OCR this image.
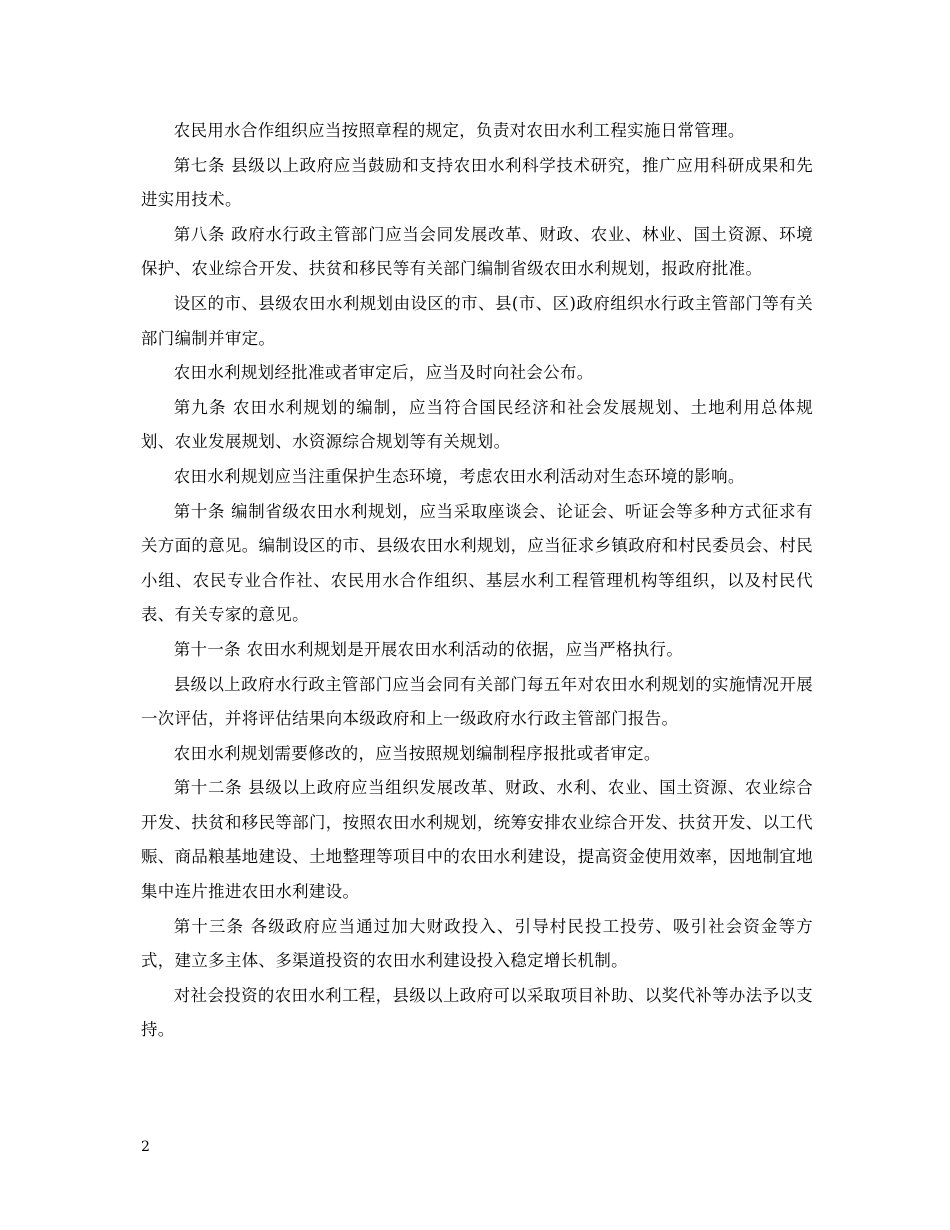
农民用水合作组织应当按照章程的规定，负责对农田水利工程实施日常管理。

第七条 县级以上政府应当鼓励和支持农田水利科学技术研究，推广应用科研成果和先进实用技术。

第八条 政府水行政主管部门应当会同发展改革、财政、农业、林业、国土资源、环境保护、农业综合开发、扶贫和移民等有关部门编制省级农田水利规划，报政府批准。

设区的市、县级农田水利规划由设区的市、县(市、区)政府组织水行政主管部门等有关部门编制并审定。

农田水利规划经批准或者审定后，应当及时向社会公布。

第九条 农田水利规划的编制，应当符合国民经济和社会发展规划、土地利用总体规划、农业发展规划、水资源综合规划等有关规划。

农田水利规划应当注重保护生态环境，考虑农田水利活动对生态环境的影响。

第十条 编制省级农田水利规划，应当采取座谈会、论证会、听证会等多种方式征求有关方面的意见。编制设区的市、县级农田水利规划，应当征求乡镇政府和村民委员会、村民小组、农民专业合作社、农民用水合作组织、基层水利工程管理机构等组织，以及村民代表、有关专家的意见。

第十一条 农田水利规划是开展农田水利活动的依据，应当严格执行。

县级以上政府水行政主管部门应当会同有关部门每五年对农田水利规划的实施情况开展一次评估，并将评估结果向本级政府和上一级政府水行政主管部门报告。

农田水利规划需要修改的，应当按照规划编制程序报批或者审定。

第十二条 县级以上政府应当组织发展改革、财政、水利、农业、国土资源、农业综合开发、扶贫和移民等部门，按照农田水利规划，统筹安排农业综合开发、扶贫开发、以工代赈、商品粮基地建设、土地整理等项目中的农田水利建设，提高资金使用效率，因地制宜地集中连片推进农田水利建设。

第十三条 各级政府应当通过加大财政投入、引导村民投工投劳、吸引社会资金等方式，建立多主体、多渠道投资的农田水利建设投入稳定增长机制。

对社会投资的农田水利工程，县级以上政府可以采取项目补助、以奖代补等办法予以支持。

2
